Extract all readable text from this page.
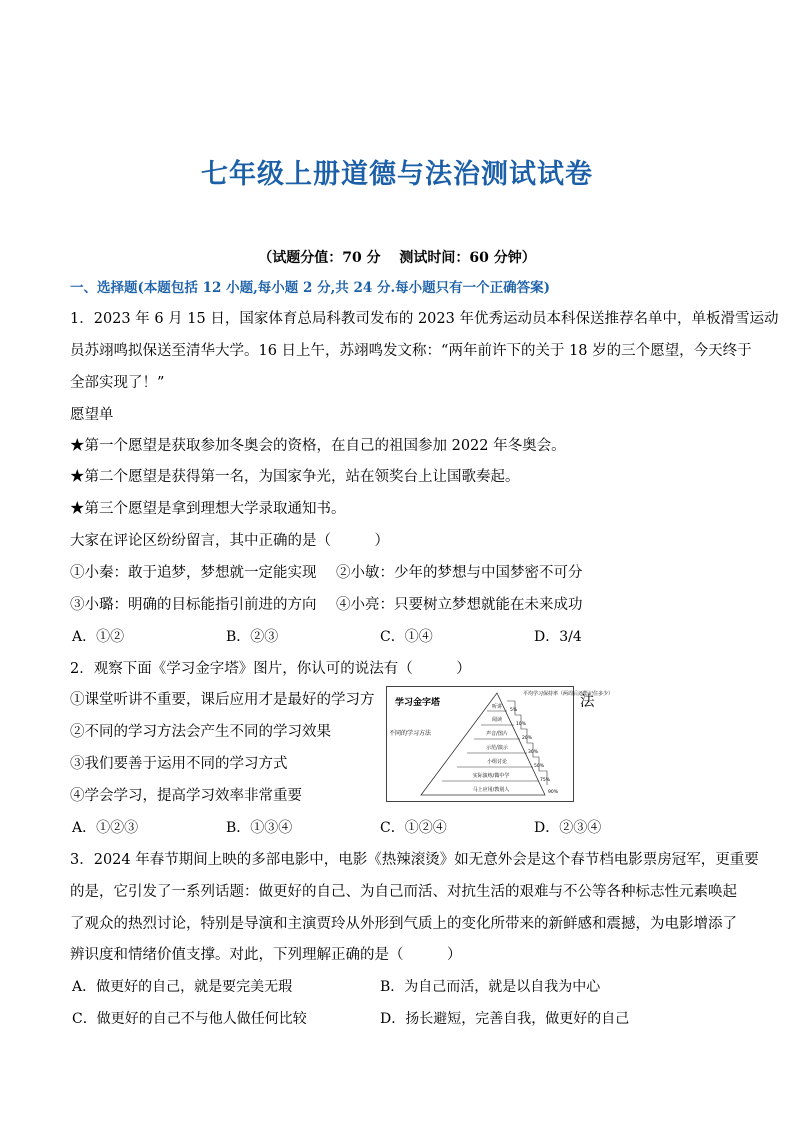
七年级上册道德与法治测试试卷
（试题分值：70 分　 测试时间：60 分钟）
一、选择题(本题包括 12 小题,每小题 2 分,共 24 分.每小题只有一个正确答案)
1．2023 年 6 月 15 日，国家体育总局科教司发布的 2023 年优秀运动员本科保送推荐名单中，单板滑雪运动
员苏翊鸣拟保送至清华大学。16 日上午，苏翊鸣发文称：“两年前许下的关于 18 岁的三个愿望，今天终于
全部实现了！”
愿望单
★第一个愿望是获取参加冬奥会的资格，在自己的祖国参加 2022 年冬奥会。
★第二个愿望是获得第一名，为国家争光，站在领奖台上让国歌奏起。
★第三个愿望是拿到理想大学录取通知书。
大家在评论区纷纷留言，其中正确的是（　　　）
①小秦：敢于追梦，梦想就一定能实现 ②小敏：少年的梦想与中国梦密不可分
③小璐：明确的目标能指引前进的方向 ④小亮：只要树立梦想就能在未来成功
A．①②	B．②③	C．①④	D．3/4
2．观察下面《学习金字塔》图片，你认可的说法有（　　　）
①课堂听讲不重要，课后应用才是最好的学习方	法
②不同的学习方法会产生不同的学习效果
③我们要善于运用不同的学习方式
④学会学习，提高学习效率非常重要
学习金字塔
不同的学习方法
平均学习保持率（两周后还能记住多少）
听讲
阅读
声音/图片
示范/演示
小组讨论
实际演练/做中学
马上应用/教别人
5%
10%
20%
30%
50%
75%
90%
A．①②③	B．①③④	C．①②④	D．②③④
3．2024 年春节期间上映的多部电影中，电影《热辣滚烫》如无意外会是这个春节档电影票房冠军，更重要
的是，它引发了一系列话题：做更好的自己、为自己而活、对抗生活的艰难与不公等各种标志性元素唤起
了观众的热烈讨论，特别是导演和主演贾玲从外形到气质上的变化所带来的新鲜感和震撼，为电影增添了
辨识度和情绪价值支撑。对此，下列理解正确的是（　　　）
A．做更好的自己，就是要完美无瑕	B．为自己而活，就是以自我为中心
C．做更好的自己不与他人做任何比较	D．扬长避短，完善自我，做更好的自己
